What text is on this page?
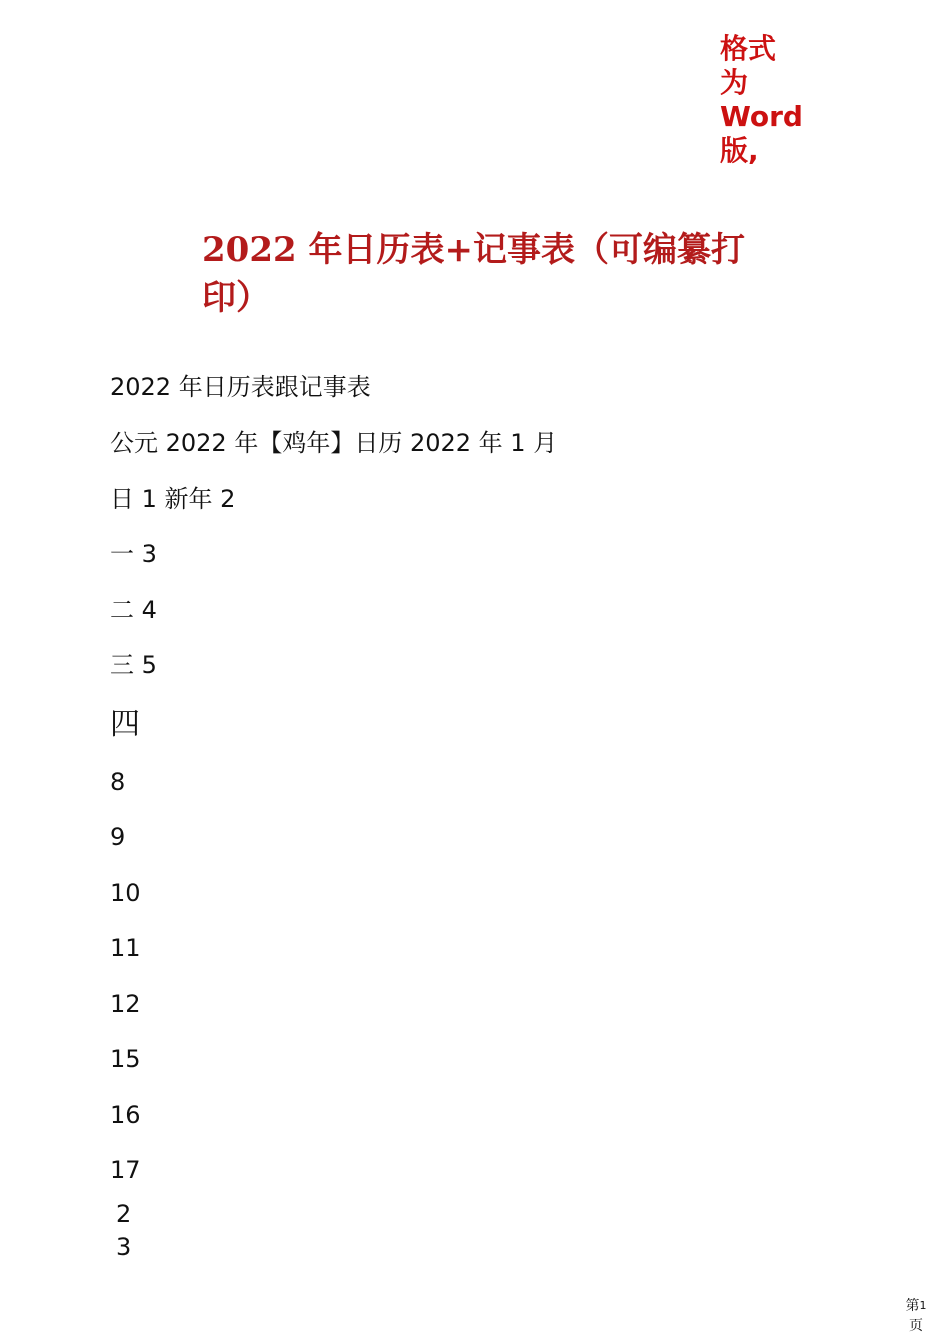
格式
为
Word
版,
2022 年日历表+记事表（可编纂打
印）
2022 年日历表跟记事表
公元 2022 年【鸡年】日历 2022 年 1 月
日 1 新年 2
一 3
二 4
三 5
四
8
9
10
11
12
15
16
17
2
3
第$^1$
页
